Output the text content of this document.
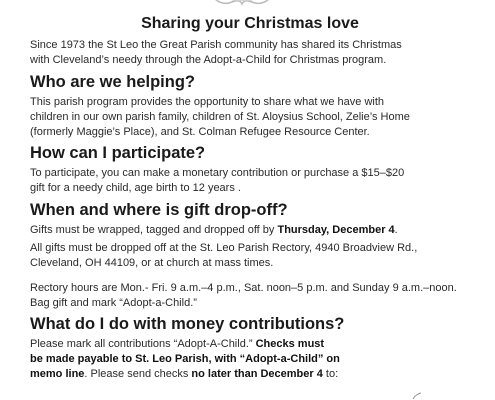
Sharing your Christmas love

Since 1973 the St Leo the Great Parish community has shared its Christmas
with Cleveland’s needy through the Adopt-a-Child for Christmas program.

Who are we helping?

This parish program provides the opportunity to share what we have with
children in our own parish family, children of St. Aloysius School, Zelie’s Home
(formerly Maggie’s Place), and St. Colman Refugee Resource Center.

How can I participate?

To participate, you can make a monetary contribution or purchase a $15–$20
gift for a needy child, age birth to 12 years .

When and where is gift drop-off?

Gifts must be wrapped, tagged and dropped off by Thursday, December 4.

All gifts must be dropped off at the St. Leo Parish Rectory, 4940 Broadview Rd.,
Cleveland, OH 44109, or at church at mass times.

Rectory hours are Mon.- Fri. 9 a.m.–4 p.m., Sat. noon–5 p.m. and Sunday 9 a.m.–noon.
Bag gift and mark “Adopt-a-Child.”

What do I do with money contributions?

Please mark all contributions “Adopt-A-Child.” Checks must
be made payable to St. Leo Parish, with “Adopt-a-Child” on
memo line. Please send checks no later than December 4 to:
